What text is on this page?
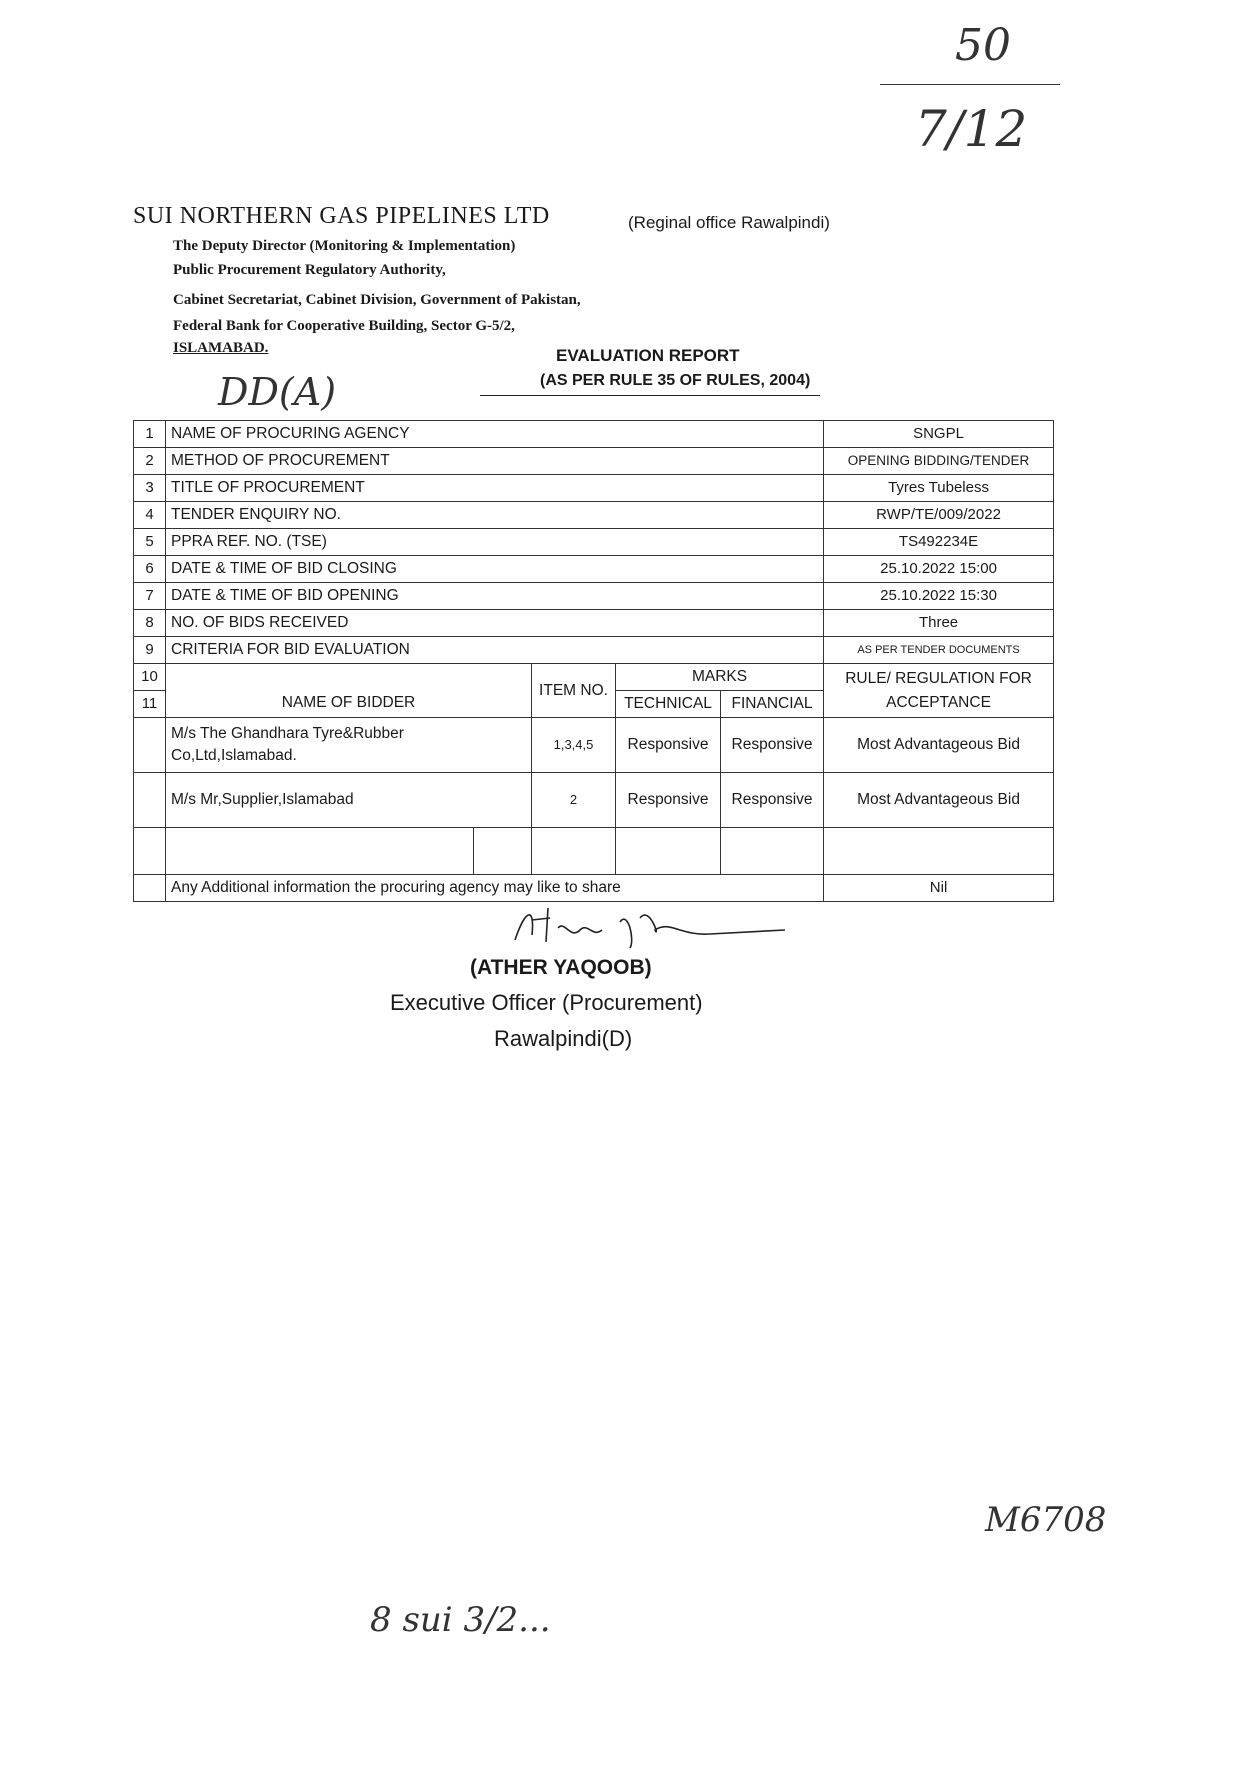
50
7/12
SUI NORTHERN GAS PIPELINES LTD	(Reginal office Rawalpindi)
The Deputy Director (Monitoring & Implementation)
Public Procurement Regulatory Authority,
Cabinet Secretariat, Cabinet Division, Government of Pakistan,
Federal Bank for Cooperative Building, Sector G-5/2,
ISLAMABAD.	EVALUATION REPORT
(AS PER RULE 35 OF RULES, 2004)
DD(A)
1	NAME OF PROCURING AGENCY					SNGPL
2	METHOD OF PROCUREMENT					OPENING BIDDING/TENDER
3	TITLE OF PROCUREMENT					Tyres Tubeless
4	TENDER ENQUIRY NO.					RWP/TE/009/2022
5	PPRA REF. NO. (TSE)					TS492234E
6	DATE & TIME OF BID CLOSING					25.10.2022 15:00
7	DATE & TIME OF BID OPENING					25.10.2022 15:30
8	NO. OF BIDS RECEIVED					Three
9	CRITERIA FOR BID EVALUATION					AS PER TENDER DOCUMENTS
10	NAME OF BIDDER		ITEM NO.	MARKS		RULE/ REGULATION FOR ACCEPTANCE
11				TECHNICAL	FINANCIAL	
	M/s The Ghandhara Tyre&Rubber Co,Ltd,Islamabad.		1,3,4,5	Responsive	Responsive	Most Advantageous Bid
	M/s Mr,Supplier,Islamabad		2	Responsive	Responsive	Most Advantageous Bid

	Any Additional information the procuring agency may like to share					Nil
(ATHER YAQOOB)
Executive Officer (Procurement)
Rawalpindi(D)
M6708
8 sui 3/2...
